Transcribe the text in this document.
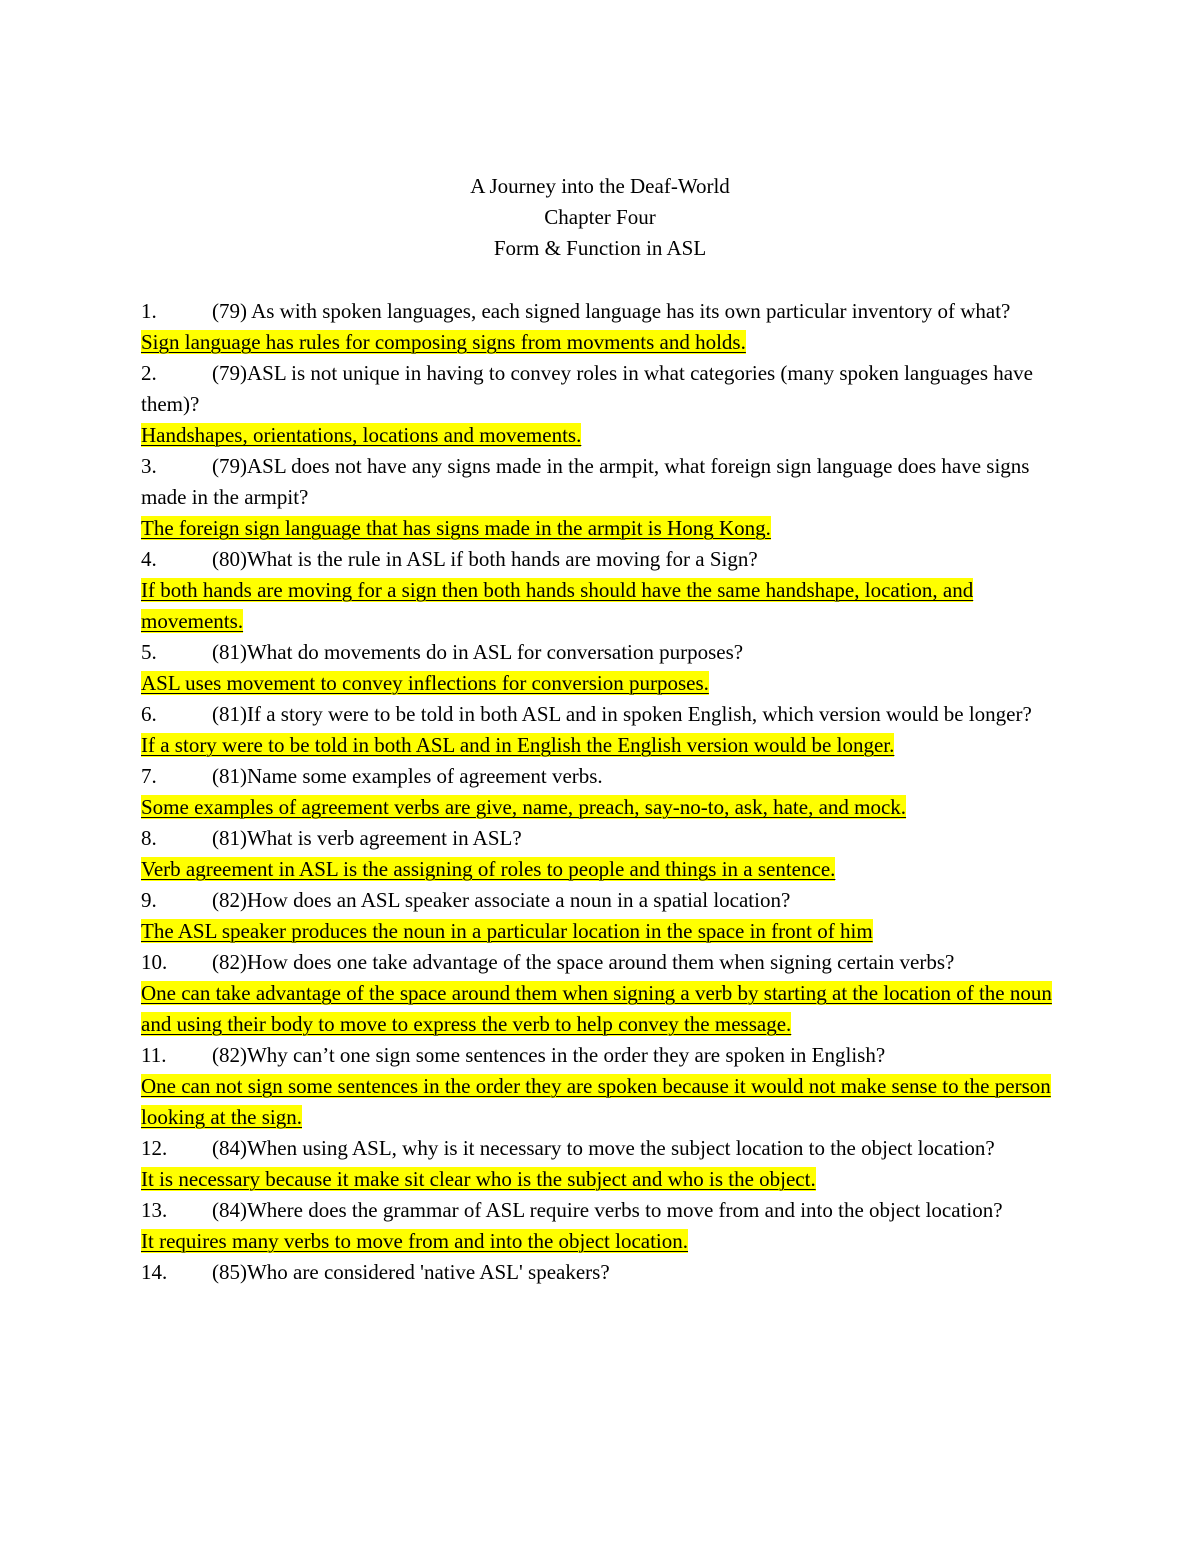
A Journey into the Deaf-World
Chapter Four
Form & Function in ASL
1.	(79) As with spoken languages, each signed language has its own particular inventory of what?
Sign language has rules for composing signs from movments and holds.
2.	(79)ASL is not unique in having to convey roles in what categories (many spoken languages have them)?
Handshapes, orientations, locations and movements.
3.	(79)ASL does not have any signs made in the armpit, what foreign sign language does have signs made in the armpit?
The foreign sign language that has signs made in the armpit is Hong Kong.
4.	(80)What is the rule in ASL if both hands are moving for a Sign?
If both hands are moving for a sign then both hands should have the same handshape, location, and movements.
5.	(81)What do movements do in ASL for conversation purposes?
ASL uses movement to convey inflections for conversion purposes.
6.	(81)If a story were to be told in both ASL and in spoken English, which version would be longer?
If a story were to be told in both ASL and in English the English version would be longer.
7.	(81)Name some examples of agreement verbs.
Some examples of agreement verbs are give, name, preach, say-no-to, ask, hate, and mock.
8.	(81)What is verb agreement in ASL?
Verb agreement in ASL is the assigning of roles to people and things in a sentence.
9.	(82)How does an ASL speaker associate a noun in a spatial location?
The ASL speaker produces the noun in a particular location in the space in front of him
10. (82)How does one take advantage of the space around them when signing certain verbs?
One can take advantage of the space around them when signing a verb by starting at the location of the noun and using their body to move to express the verb to help convey the message.
11. (82)Why can’t one sign some sentences in the order they are spoken in English?
One can not sign some sentences in the order they are spoken because it would not make sense to the person looking at the sign.
12. (84)When using ASL, why is it necessary to move the subject location to the object location?
It is necessary because it make sit clear who is the subject and who is the object.
13. (84)Where does the grammar of ASL require verbs to move from and into the object location?
It requires many verbs to move from and into the object location.
14. (85)Who are considered 'native ASL' speakers?
